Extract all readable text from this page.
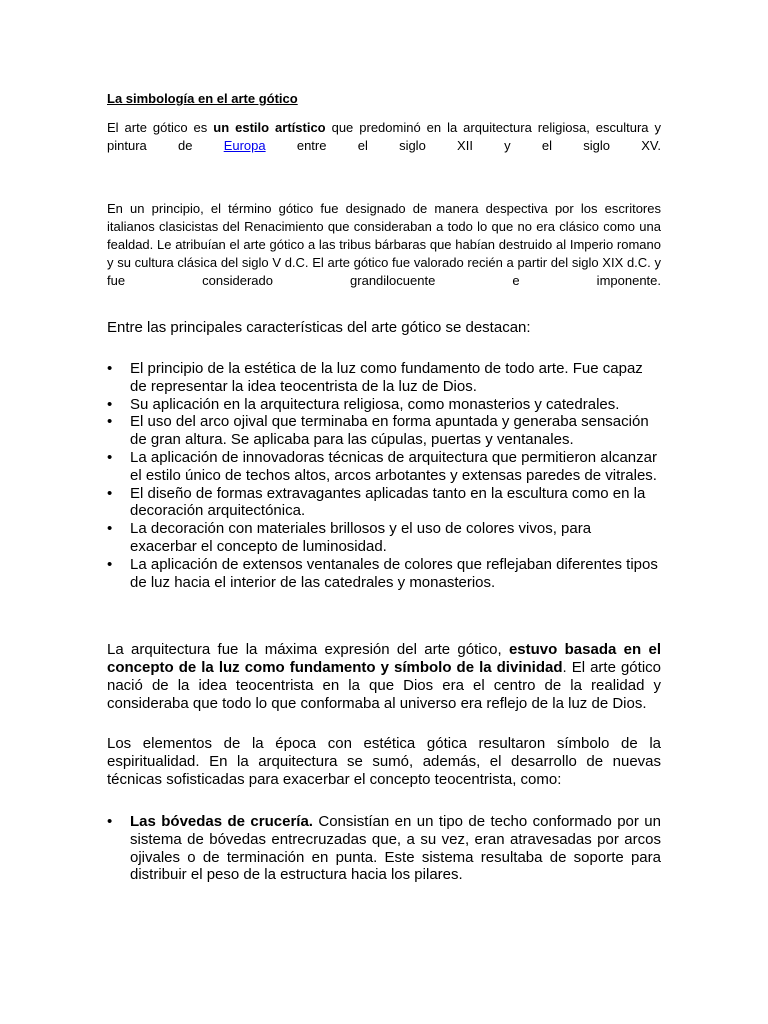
La simbología en el arte gótico

El arte gótico es un estilo artístico que predominó en la arquitectura religiosa, escultura y pintura de Europa entre el siglo XII y el siglo XV.

En un principio, el término gótico fue designado de manera despectiva por los escritores italianos clasicistas del Renacimiento que consideraban a todo lo que no era clásico como una fealdad. Le atribuían el arte gótico a las tribus bárbaras que habían destruido al Imperio romano y su cultura clásica del siglo V d.C. El arte gótico fue valorado recién a partir del siglo XIX d.C. y fue considerado grandilocuente e imponente.

Entre las principales características del arte gótico se destacan:

• El principio de la estética de la luz como fundamento de todo arte. Fue capaz de representar la idea teocentrista de la luz de Dios.
• Su aplicación en la arquitectura religiosa, como monasterios y catedrales.
• El uso del arco ojival que terminaba en forma apuntada y generaba sensación de gran altura. Se aplicaba para las cúpulas, puertas y ventanales.
• La aplicación de innovadoras técnicas de arquitectura que permitieron alcanzar el estilo único de techos altos, arcos arbotantes y extensas paredes de vitrales.
• El diseño de formas extravagantes aplicadas tanto en la escultura como en la decoración arquitectónica.
• La decoración con materiales brillosos y el uso de colores vivos, para exacerbar el concepto de luminosidad.
• La aplicación de extensos ventanales de colores que reflejaban diferentes tipos de luz hacia el interior de las catedrales y monasterios.

La arquitectura fue la máxima expresión del arte gótico, estuvo basada en el concepto de la luz como fundamento y símbolo de la divinidad. El arte gótico nació de la idea teocentrista en la que Dios era el centro de la realidad y consideraba que todo lo que conformaba al universo era reflejo de la luz de Dios.

Los elementos de la época con estética gótica resultaron símbolo de la espiritualidad. En la arquitectura se sumó, además, el desarrollo de nuevas técnicas sofisticadas para exacerbar el concepto teocentrista, como:

• Las bóvedas de crucería. Consistían en un tipo de techo conformado por un sistema de bóvedas entrecruzadas que, a su vez, eran atravesadas por arcos ojivales o de terminación en punta. Este sistema resultaba de soporte para distribuir el peso de la estructura hacia los pilares.
